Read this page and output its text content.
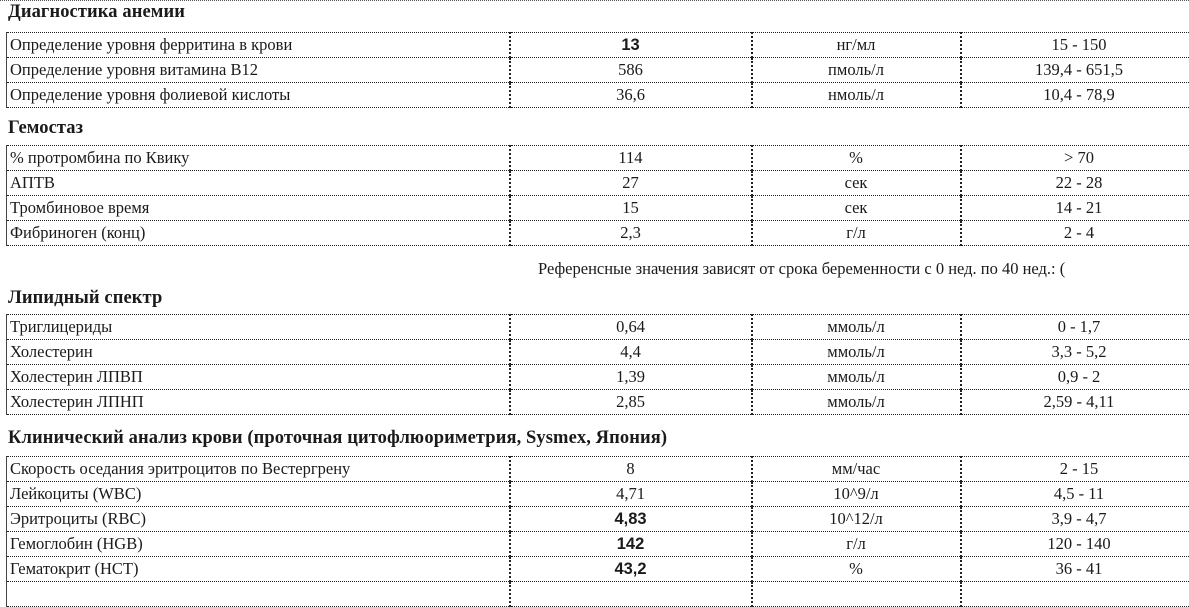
Диагностика анемии
Определение уровня ферритина в крови	13	нг/мл	15 - 150
Определение уровня витамина В12	586	пмоль/л	139,4 - 651,5
Определение уровня фолиевой кислоты	36,6	нмоль/л	10,4 - 78,9
Гемостаз
% протромбина по Квику	114	%	> 70
АПТВ	27	сек	22 - 28
Тромбиновое время	15	сек	14 - 21
Фибриноген (конц)	2,3	г/л	2 - 4
Референсные значения зависят от срока беременности с 0 нед. по 40 нед.: (
Липидный спектр
Триглицериды	0,64	ммоль/л	0 - 1,7
Холестерин	4,4	ммоль/л	3,3 - 5,2
Холестерин ЛПВП	1,39	ммоль/л	0,9 - 2
Холестерин ЛПНП	2,85	ммоль/л	2,59 - 4,11
Клинический анализ крови (проточная цитофлюориметрия, Sysmex, Япония)
Скорость оседания эритроцитов по Вестергрену	8	мм/час	2 - 15
Лейкоциты (WBC)	4,71	10^9/л	4,5 - 11
Эритроциты (RBC)	4,83	10^12/л	3,9 - 4,7
Гемоглобин (HGB)	142	г/л	120 - 140
Гематокрит (HCT)	43,2	%	36 - 41
